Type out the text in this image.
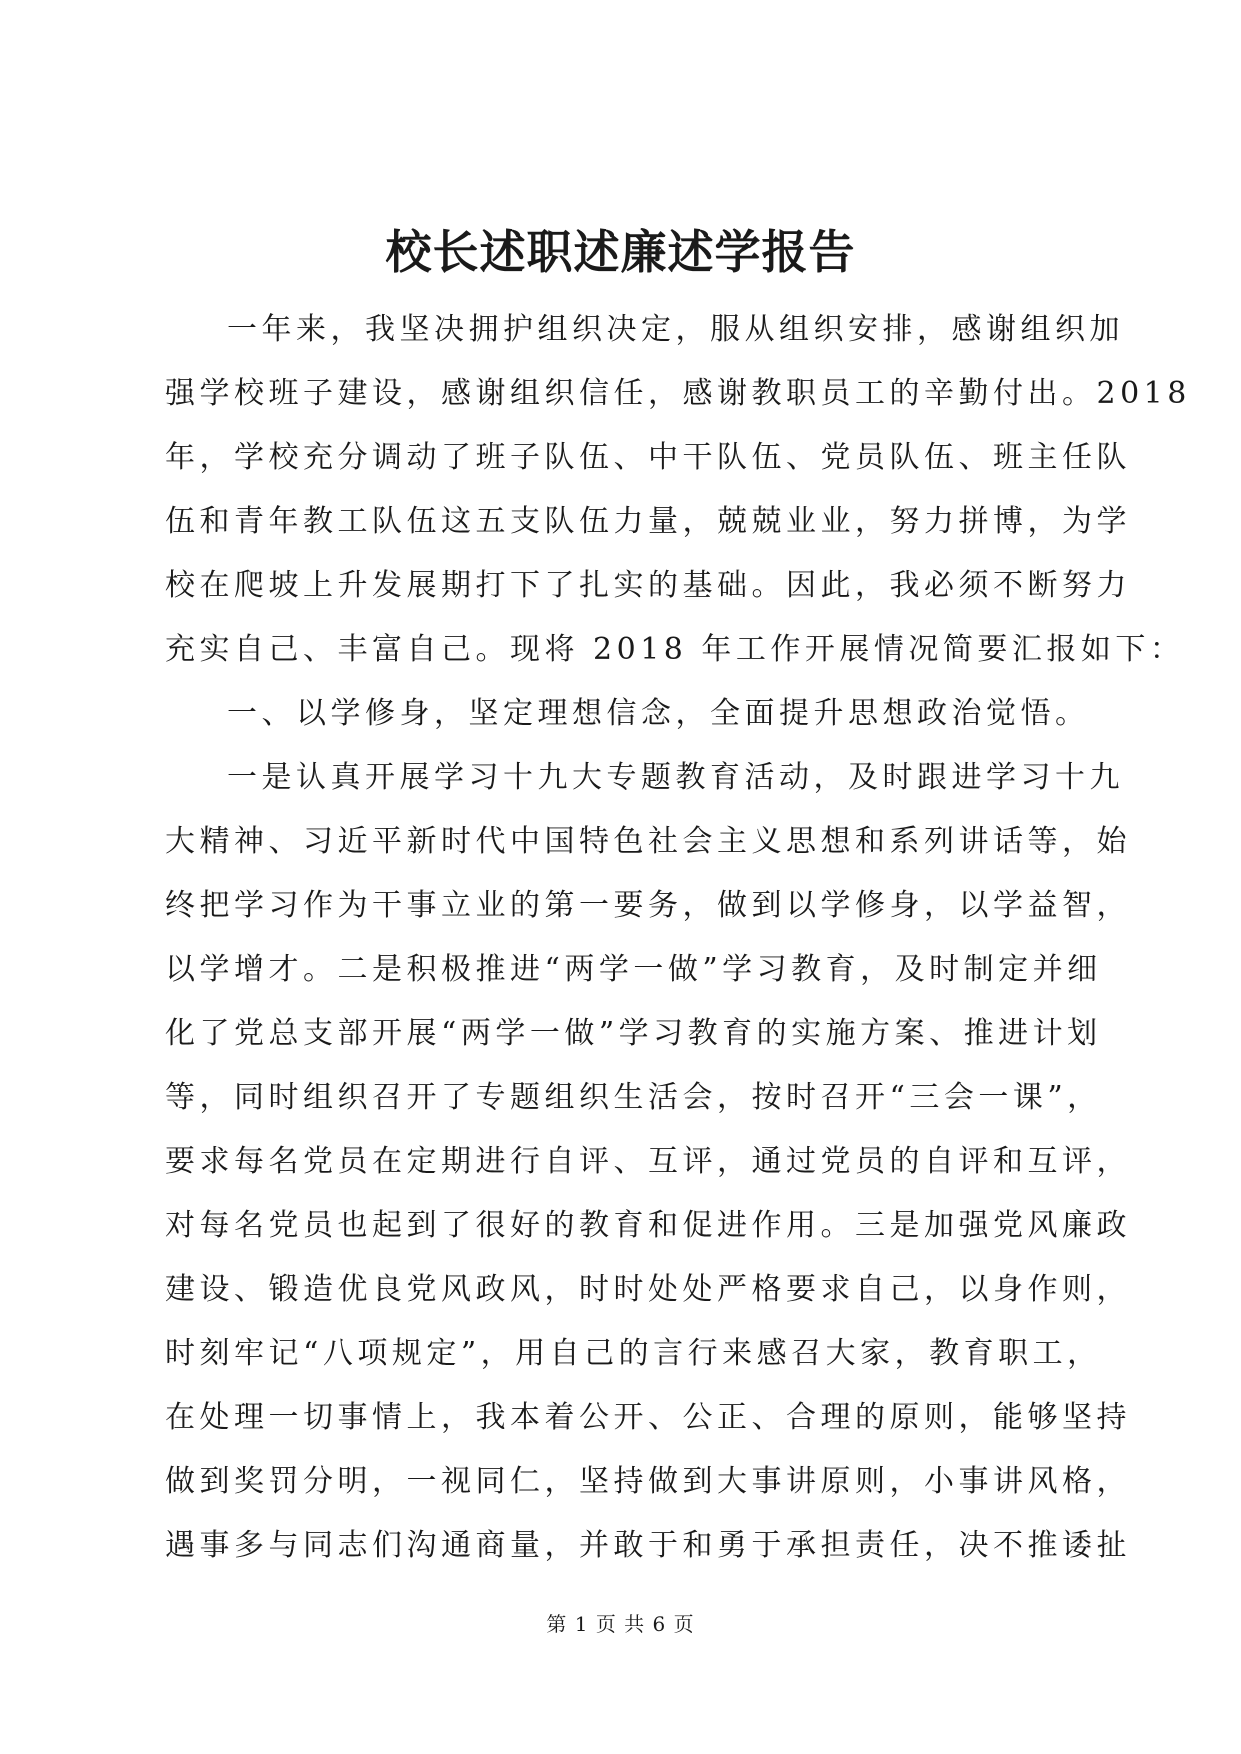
校长述职述廉述学报告
一年来，我坚决拥护组织决定，服从组织安排，感谢组织加
强学校班子建设，感谢组织信任，感谢教职员工的辛勤付出。2018
年，学校充分调动了班子队伍、中干队伍、党员队伍、班主任队
伍和青年教工队伍这五支队伍力量，兢兢业业，努力拼博，为学
校在爬坡上升发展期打下了扎实的基础。因此，我必须不断努力
充实自己、丰富自己。现将 2018 年工作开展情况简要汇报如下：
一、以学修身，坚定理想信念，全面提升思想政治觉悟。
一是认真开展学习十九大专题教育活动，及时跟进学习十九
大精神、习近平新时代中国特色社会主义思想和系列讲话等，始
终把学习作为干事立业的第一要务，做到以学修身，以学益智，
以学增才。二是积极推进“两学一做”学习教育，及时制定并细
化了党总支部开展“两学一做”学习教育的实施方案、推进计划
等，同时组织召开了专题组织生活会，按时召开“三会一课”，
要求每名党员在定期进行自评、互评，通过党员的自评和互评，
对每名党员也起到了很好的教育和促进作用。三是加强党风廉政
建设、锻造优良党风政风，时时处处严格要求自己，以身作则，
时刻牢记“八项规定”，用自己的言行来感召大家，教育职工，
在处理一切事情上，我本着公开、公正、合理的原则，能够坚持
做到奖罚分明，一视同仁，坚持做到大事讲原则，小事讲风格，
遇事多与同志们沟通商量，并敢于和勇于承担责任，决不推诿扯
第 1 页 共 6 页
